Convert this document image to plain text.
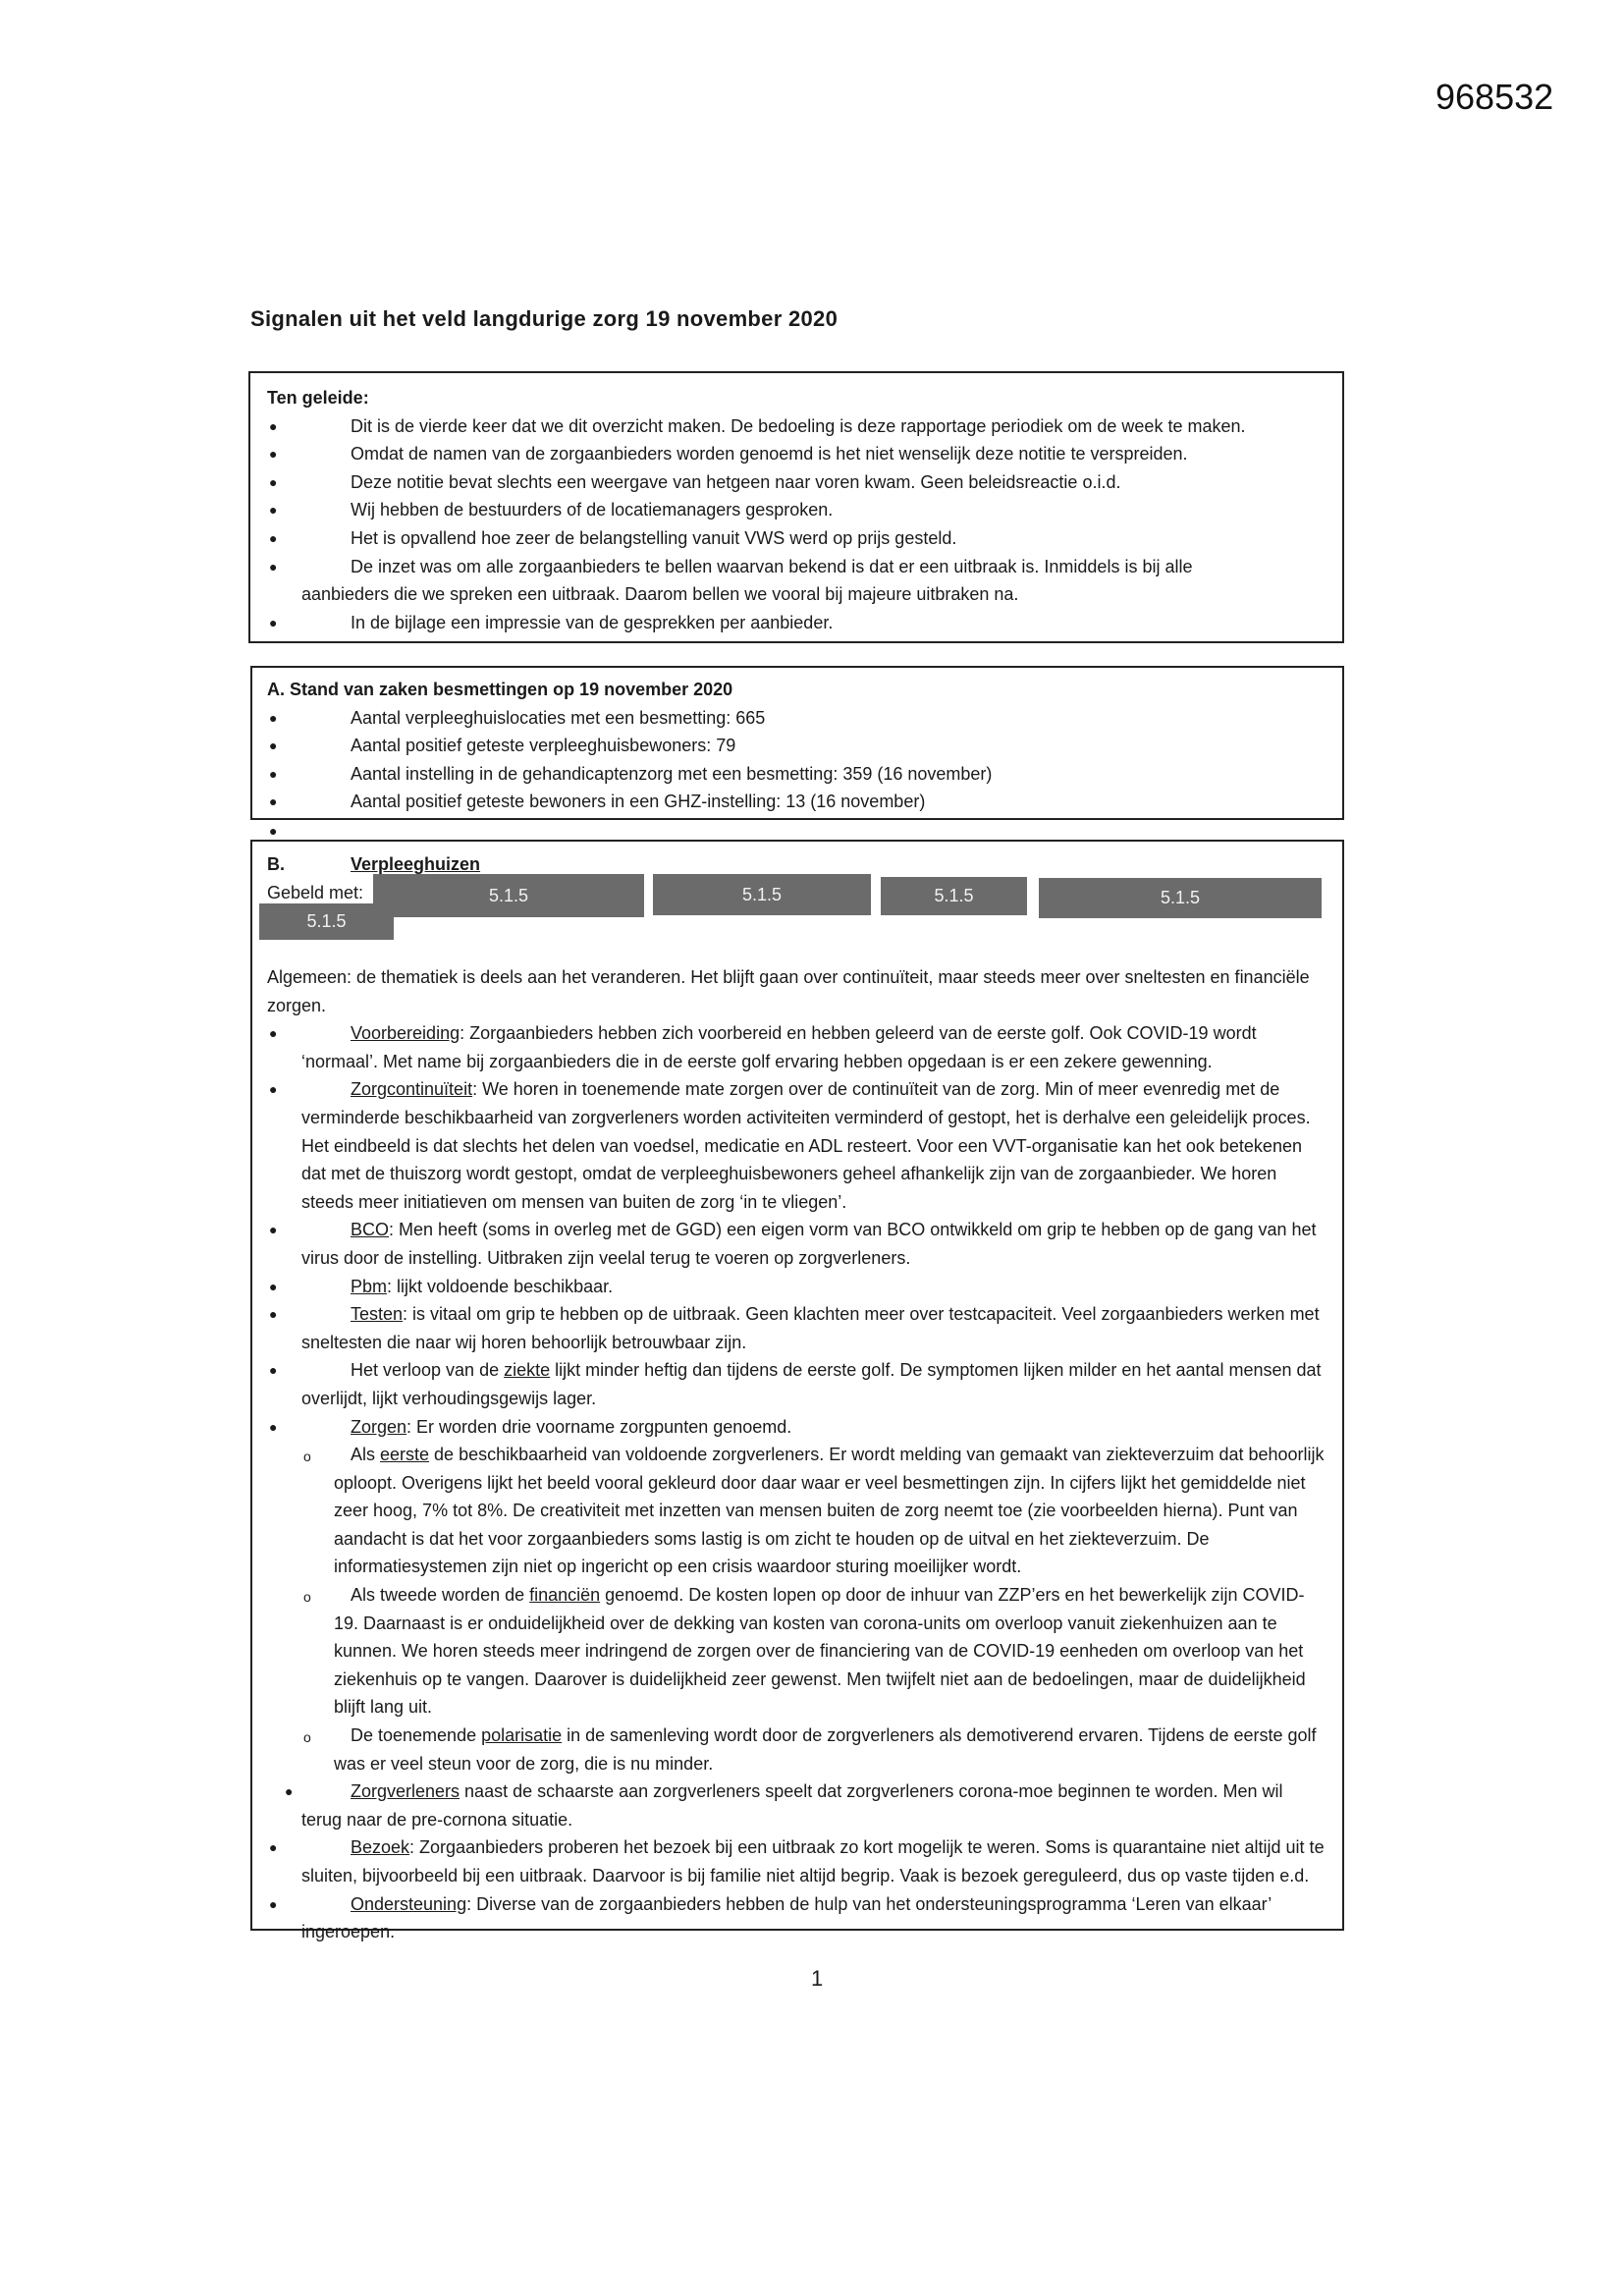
968532
Signalen uit het veld langdurige zorg 19 november 2020
Ten geleide:
●	Dit is de vierde keer dat we dit overzicht maken. De bedoeling is deze rapportage periodiek om de week te maken.
●	Omdat de namen van de zorgaanbieders worden genoemd is het niet wenselijk deze notitie te verspreiden.
●	Deze notitie bevat slechts een weergave van hetgeen naar voren kwam. Geen beleidsreactie o.i.d.
●	Wij hebben de bestuurders of de locatiemanagers gesproken.
●	Het is opvallend hoe zeer de belangstelling vanuit VWS werd op prijs gesteld.
●	De inzet was om alle zorgaanbieders te bellen waarvan bekend is dat er een uitbraak is. Inmiddels is bij alle aanbieders die we spreken een uitbraak. Daarom bellen we vooral bij majeure uitbraken na.
●	In de bijlage een impressie van de gesprekken per aanbieder.
A. Stand van zaken besmettingen op 19 november 2020
●	Aantal verpleeghuislocaties met een besmetting: 665
●	Aantal positief geteste verpleeghuisbewoners: 79
●	Aantal instelling in de gehandicaptenzorg met een besmetting: 359 (16 november)
●	Aantal positief geteste bewoners in een GHZ-instelling: 13 (16 november)
●
B.	Verpleeghuizen
Gebeld met:	5.1.5	5.1.5	5.1.5	5.1.5
5.1.5
Algemeen: de thematiek is deels aan het veranderen. Het blijft gaan over continuïteit, maar steeds meer over sneltesten en financiële zorgen.
●	Voorbereiding: Zorgaanbieders hebben zich voorbereid en hebben geleerd van de eerste golf. Ook COVID-19 wordt ‘normaal’. Met name bij zorgaanbieders die in de eerste golf ervaring hebben opgedaan is er een zekere gewenning.
●	Zorgcontinuïteit: We horen in toenemende mate zorgen over de continuïteit van de zorg. Min of meer evenredig met de verminderde beschikbaarheid van zorgverleners worden activiteiten verminderd of gestopt, het is derhalve een geleidelijk proces. Het eindbeeld is dat slechts het delen van voedsel, medicatie en ADL resteert. Voor een VVT-organisatie kan het ook betekenen dat met de thuiszorg wordt gestopt, omdat de verpleeghuisbewoners geheel afhankelijk zijn van de zorgaanbieder. We horen steeds meer initiatieven om mensen van buiten de zorg ‘in te vliegen’.
●	BCO: Men heeft (soms in overleg met de GGD) een eigen vorm van BCO ontwikkeld om grip te hebben op de gang van het virus door de instelling. Uitbraken zijn veelal terug te voeren op zorgverleners.
●	Pbm: lijkt voldoende beschikbaar.
●	Testen: is vitaal om grip te hebben op de uitbraak. Geen klachten meer over testcapaciteit. Veel zorgaanbieders werken met sneltesten die naar wij horen behoorlijk betrouwbaar zijn.
●	Het verloop van de ziekte lijkt minder heftig dan tijdens de eerste golf. De symptomen lijken milder en het aantal mensen dat overlijdt, lijkt verhoudingsgewijs lager.
●	Zorgen: Er worden drie voorname zorgpunten genoemd.
o Als eerste de beschikbaarheid van voldoende zorgverleners. Er wordt melding van gemaakt van ziekteverzuim dat behoorlijk oploopt. Overigens lijkt het beeld vooral gekleurd door daar waar er veel besmettingen zijn. In cijfers lijkt het gemiddelde niet zeer hoog, 7% tot 8%. De creativiteit met inzetten van mensen buiten de zorg neemt toe (zie voorbeelden hierna). Punt van aandacht is dat het voor zorgaanbieders soms lastig is om zicht te houden op de uitval en het ziekteverzuim. De informatiesystemen zijn niet op ingericht op een crisis waardoor sturing moeilijker wordt.
o Als tweede worden de financiën genoemd. De kosten lopen op door de inhuur van ZZP’ers en het bewerkelijk zijn COVID-19. Daarnaast is er onduidelijkheid over de dekking van kosten van corona-units om overloop vanuit ziekenhuizen aan te kunnen. We horen steeds meer indringend de zorgen over de financiering van de COVID-19 eenheden om overloop van het ziekenhuis op te vangen. Daarover is duidelijkheid zeer gewenst. Men twijfelt niet aan de bedoelingen, maar de duidelijkheid blijft lang uit.
o De toenemende polarisatie in de samenleving wordt door de zorgverleners als demotiverend ervaren. Tijdens de eerste golf was er veel steun voor de zorg, die is nu minder.
●	Zorgverleners naast de schaarste aan zorgverleners speelt dat zorgverleners corona-moe beginnen te worden. Men wil terug naar de pre-cornona situatie.
●	Bezoek: Zorgaanbieders proberen het bezoek bij een uitbraak zo kort mogelijk te weren. Soms is quarantaine niet altijd uit te sluiten, bijvoorbeeld bij een uitbraak. Daarvoor is bij familie niet altijd begrip. Vaak is bezoek gereguleerd, dus op vaste tijden e.d.
●	Ondersteuning: Diverse van de zorgaanbieders hebben de hulp van het ondersteuningsprogramma ‘Leren van elkaar’ ingeroepen.
1
